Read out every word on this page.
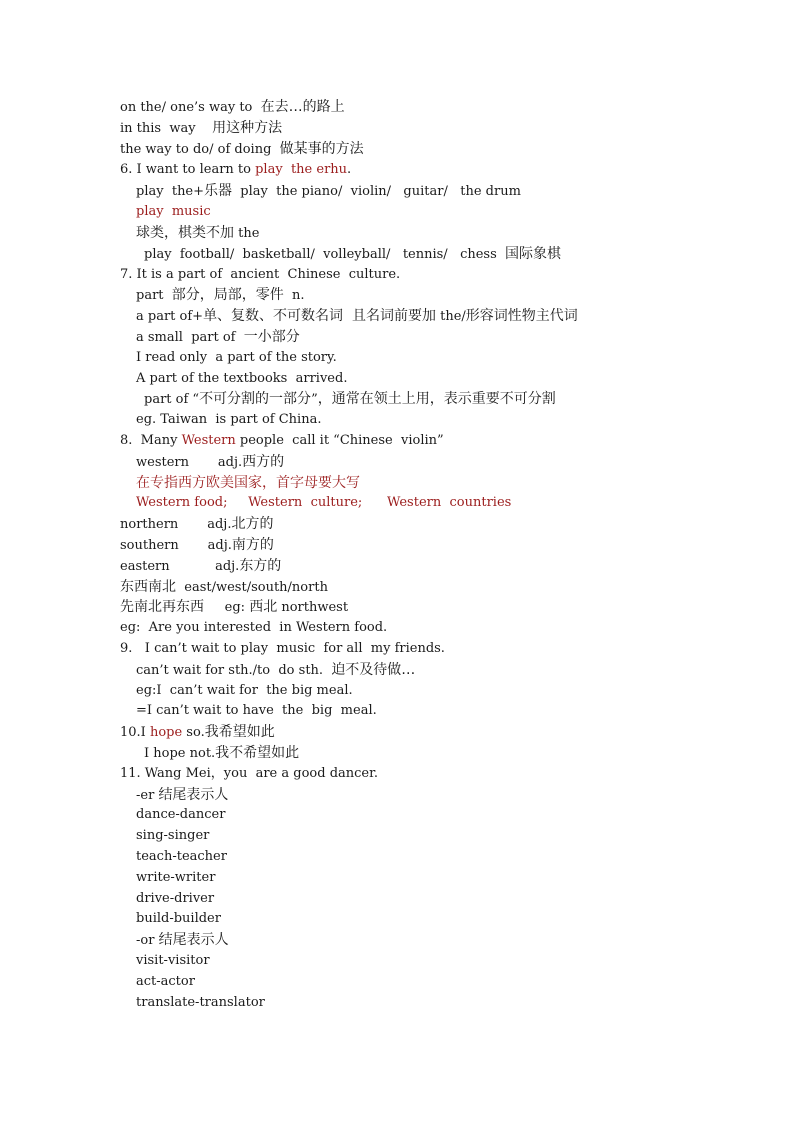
on the/ one’s way to  在去…的路上
in this  way    用这种方法
the way to do/ of doing  做某事的方法
6. I want to learn to play  the erhu.
play  the+乐器  play  the piano/  violin/   guitar/   the drum
play  music
球类，棋类不加 the
play  football/  basketball/  volleyball/   tennis/   chess  国际象棋
7. It is a part of  ancient  Chinese  culture.
part  部分，局部，零件  n.
a part of+单、复数、不可数名词  且名词前要加 the/形容词性物主代词
a small  part of  一小部分
I read only  a part of the story.
A part of the textbooks  arrived.
part of “不可分割的一部分”，通常在领土上用，表示重要不可分割
eg. Taiwan  is part of China.
8.  Many Western people  call it “Chinese  violin”
western       adj.西方的
在专指西方欧美国家，首字母要大写
Western food;     Western  culture;      Western  countries
northern       adj.北方的
southern       adj.南方的
eastern           adj.东方的
东西南北  east/west/south/north
先南北再东西     eg: 西北 northwest
eg:  Are you interested  in Western food.
9.   I can’t wait to play  music  for all  my friends.
can’t wait for sth./to  do sth.  迫不及待做…
eg:I  can’t wait for  the big meal.
=I can’t wait to have  the  big  meal.
10.I hope so.我希望如此
I hope not.我不希望如此
11. Wang Mei，you  are a good dancer.
-er 结尾表示人
dance-dancer
sing-singer
teach-teacher
write-writer
drive-driver
build-builder
-or 结尾表示人
visit-visitor
act-actor
translate-translator
